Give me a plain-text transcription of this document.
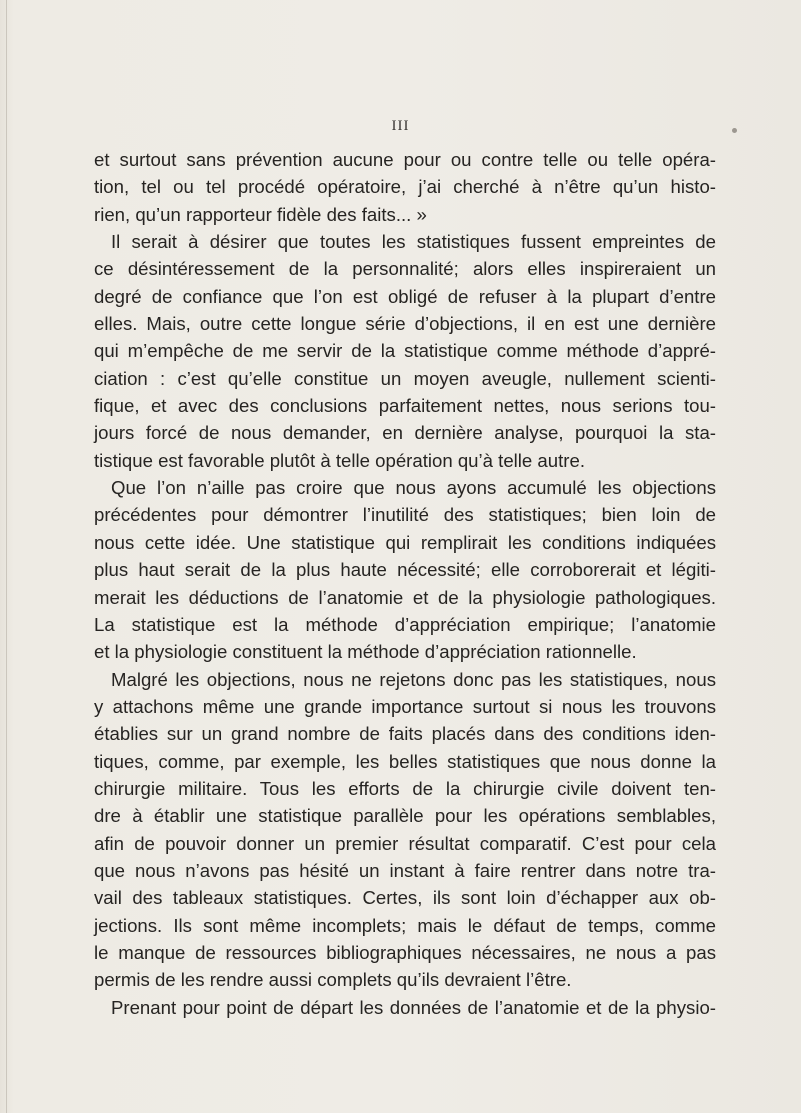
III
et surtout sans prévention aucune pour ou contre telle ou telle opéra-
tion, tel ou tel procédé opératoire, j’ai cherché à n’être qu’un histo-
rien, qu’un rapporteur fidèle des faits... »
Il serait à désirer que toutes les statistiques fussent empreintes de
ce désintéressement de la personnalité; alors elles inspireraient un
degré de confiance que l’on est obligé de refuser à la plupart d’entre
elles. Mais, outre cette longue série d’objections, il en est une dernière
qui m’empêche de me servir de la statistique comme méthode d’appré-
ciation : c’est qu’elle constitue un moyen aveugle, nullement scienti-
fique, et avec des conclusions parfaitement nettes, nous serions tou-
jours forcé de nous demander, en dernière analyse, pourquoi la sta-
tistique est favorable plutôt à telle opération qu’à telle autre.
Que l’on n’aille pas croire que nous ayons accumulé les objections
précédentes pour démontrer l’inutilité des statistiques; bien loin de
nous cette idée. Une statistique qui remplirait les conditions indiquées
plus haut serait de la plus haute nécessité; elle corroborerait et légiti-
merait les déductions de l’anatomie et de la physiologie pathologiques.
La statistique est la méthode d’appréciation empirique; l’anatomie
et la physiologie constituent la méthode d’appréciation rationnelle.
Malgré les objections, nous ne rejetons donc pas les statistiques, nous
y attachons même une grande importance surtout si nous les trouvons
établies sur un grand nombre de faits placés dans des conditions iden-
tiques, comme, par exemple, les belles statistiques que nous donne la
chirurgie militaire. Tous les efforts de la chirurgie civile doivent ten-
dre à établir une statistique parallèle pour les opérations semblables,
afin de pouvoir donner un premier résultat comparatif. C’est pour cela
que nous n’avons pas hésité un instant à faire rentrer dans notre tra-
vail des tableaux statistiques. Certes, ils sont loin d’échapper aux ob-
jections. Ils sont même incomplets; mais le défaut de temps, comme
le manque de ressources bibliographiques nécessaires, ne nous a pas
permis de les rendre aussi complets qu’ils devraient l’être.
Prenant pour point de départ les données de l’anatomie et de la physio-
